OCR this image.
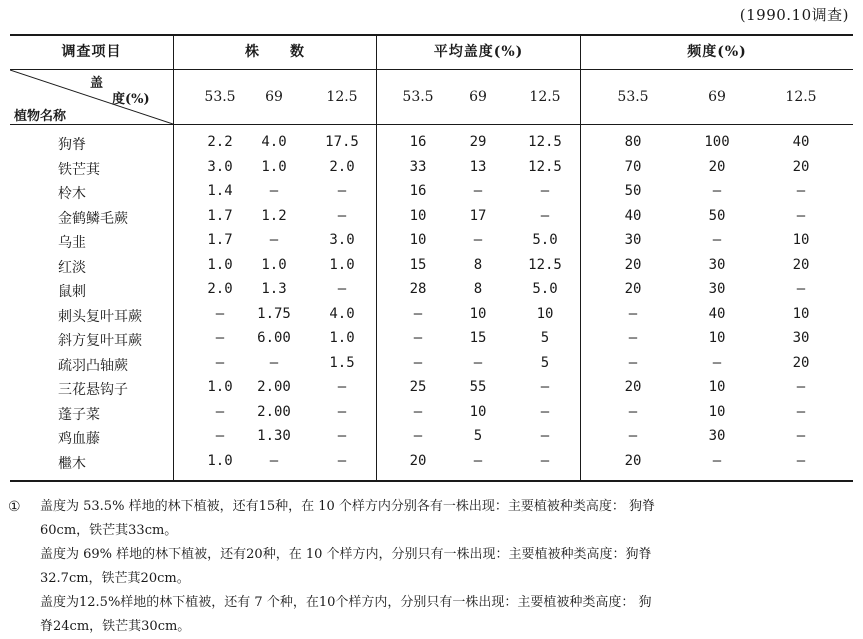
(1990.10调查)
调查项目	株　　数	平均盖度(%)	频度(%)
盖
度(%)
植物名称
53.5	69	12.5	53.5	69	12.5	53.5	69	12.5
狗脊	2.2	4.0	17.5	16	29	12.5	80	100	40
铁芒萁	3.0	1.0	2.0	33	13	12.5	70	20	20
柃木	1.4	—	—	16	—	—	50	—	—
金鹤鳞毛蕨	1.7	1.2	—	10	17	—	40	50	—
乌韭	1.7	—	3.0	10	—	5.0	30	—	10
红淡	1.0	1.0	1.0	15	8	12.5	20	30	20
鼠刺	2.0	1.3	—	28	8	5.0	20	30	—
刺头复叶耳蕨	—	1.75	4.0	—	10	10	—	40	10
斜方复叶耳蕨	—	6.00	1.0	—	15	5	—	10	30
疏羽凸轴蕨	—	—	1.5	—	—	5	—	—	20
三花悬钩子	1.0	2.00	—	25	55	—	20	10	—
蓬子菜	—	2.00	—	—	10	—	—	10	—
鸡血藤	—	1.30	—	—	5	—	—	30	—
檵木	1.0	—	—	20	—	—	20	—	—
① 盖度为 53.5% 样地的林下植被，还有15种，在 10 个样方内分别各有一株出现：主要植被种类高度： 狗脊
60cm，铁芒萁33cm。
盖度为 69% 样地的林下植被，还有20种，在 10 个样方内，分别只有一株出现：主要植被种类高度：狗脊
32.7cm，铁芒萁20cm。
盖度为12.5%样地的林下植被，还有 7 个种，在10个样方内，分别只有一株出现：主要植被种类高度： 狗
脊24cm，铁芒萁30cm。
